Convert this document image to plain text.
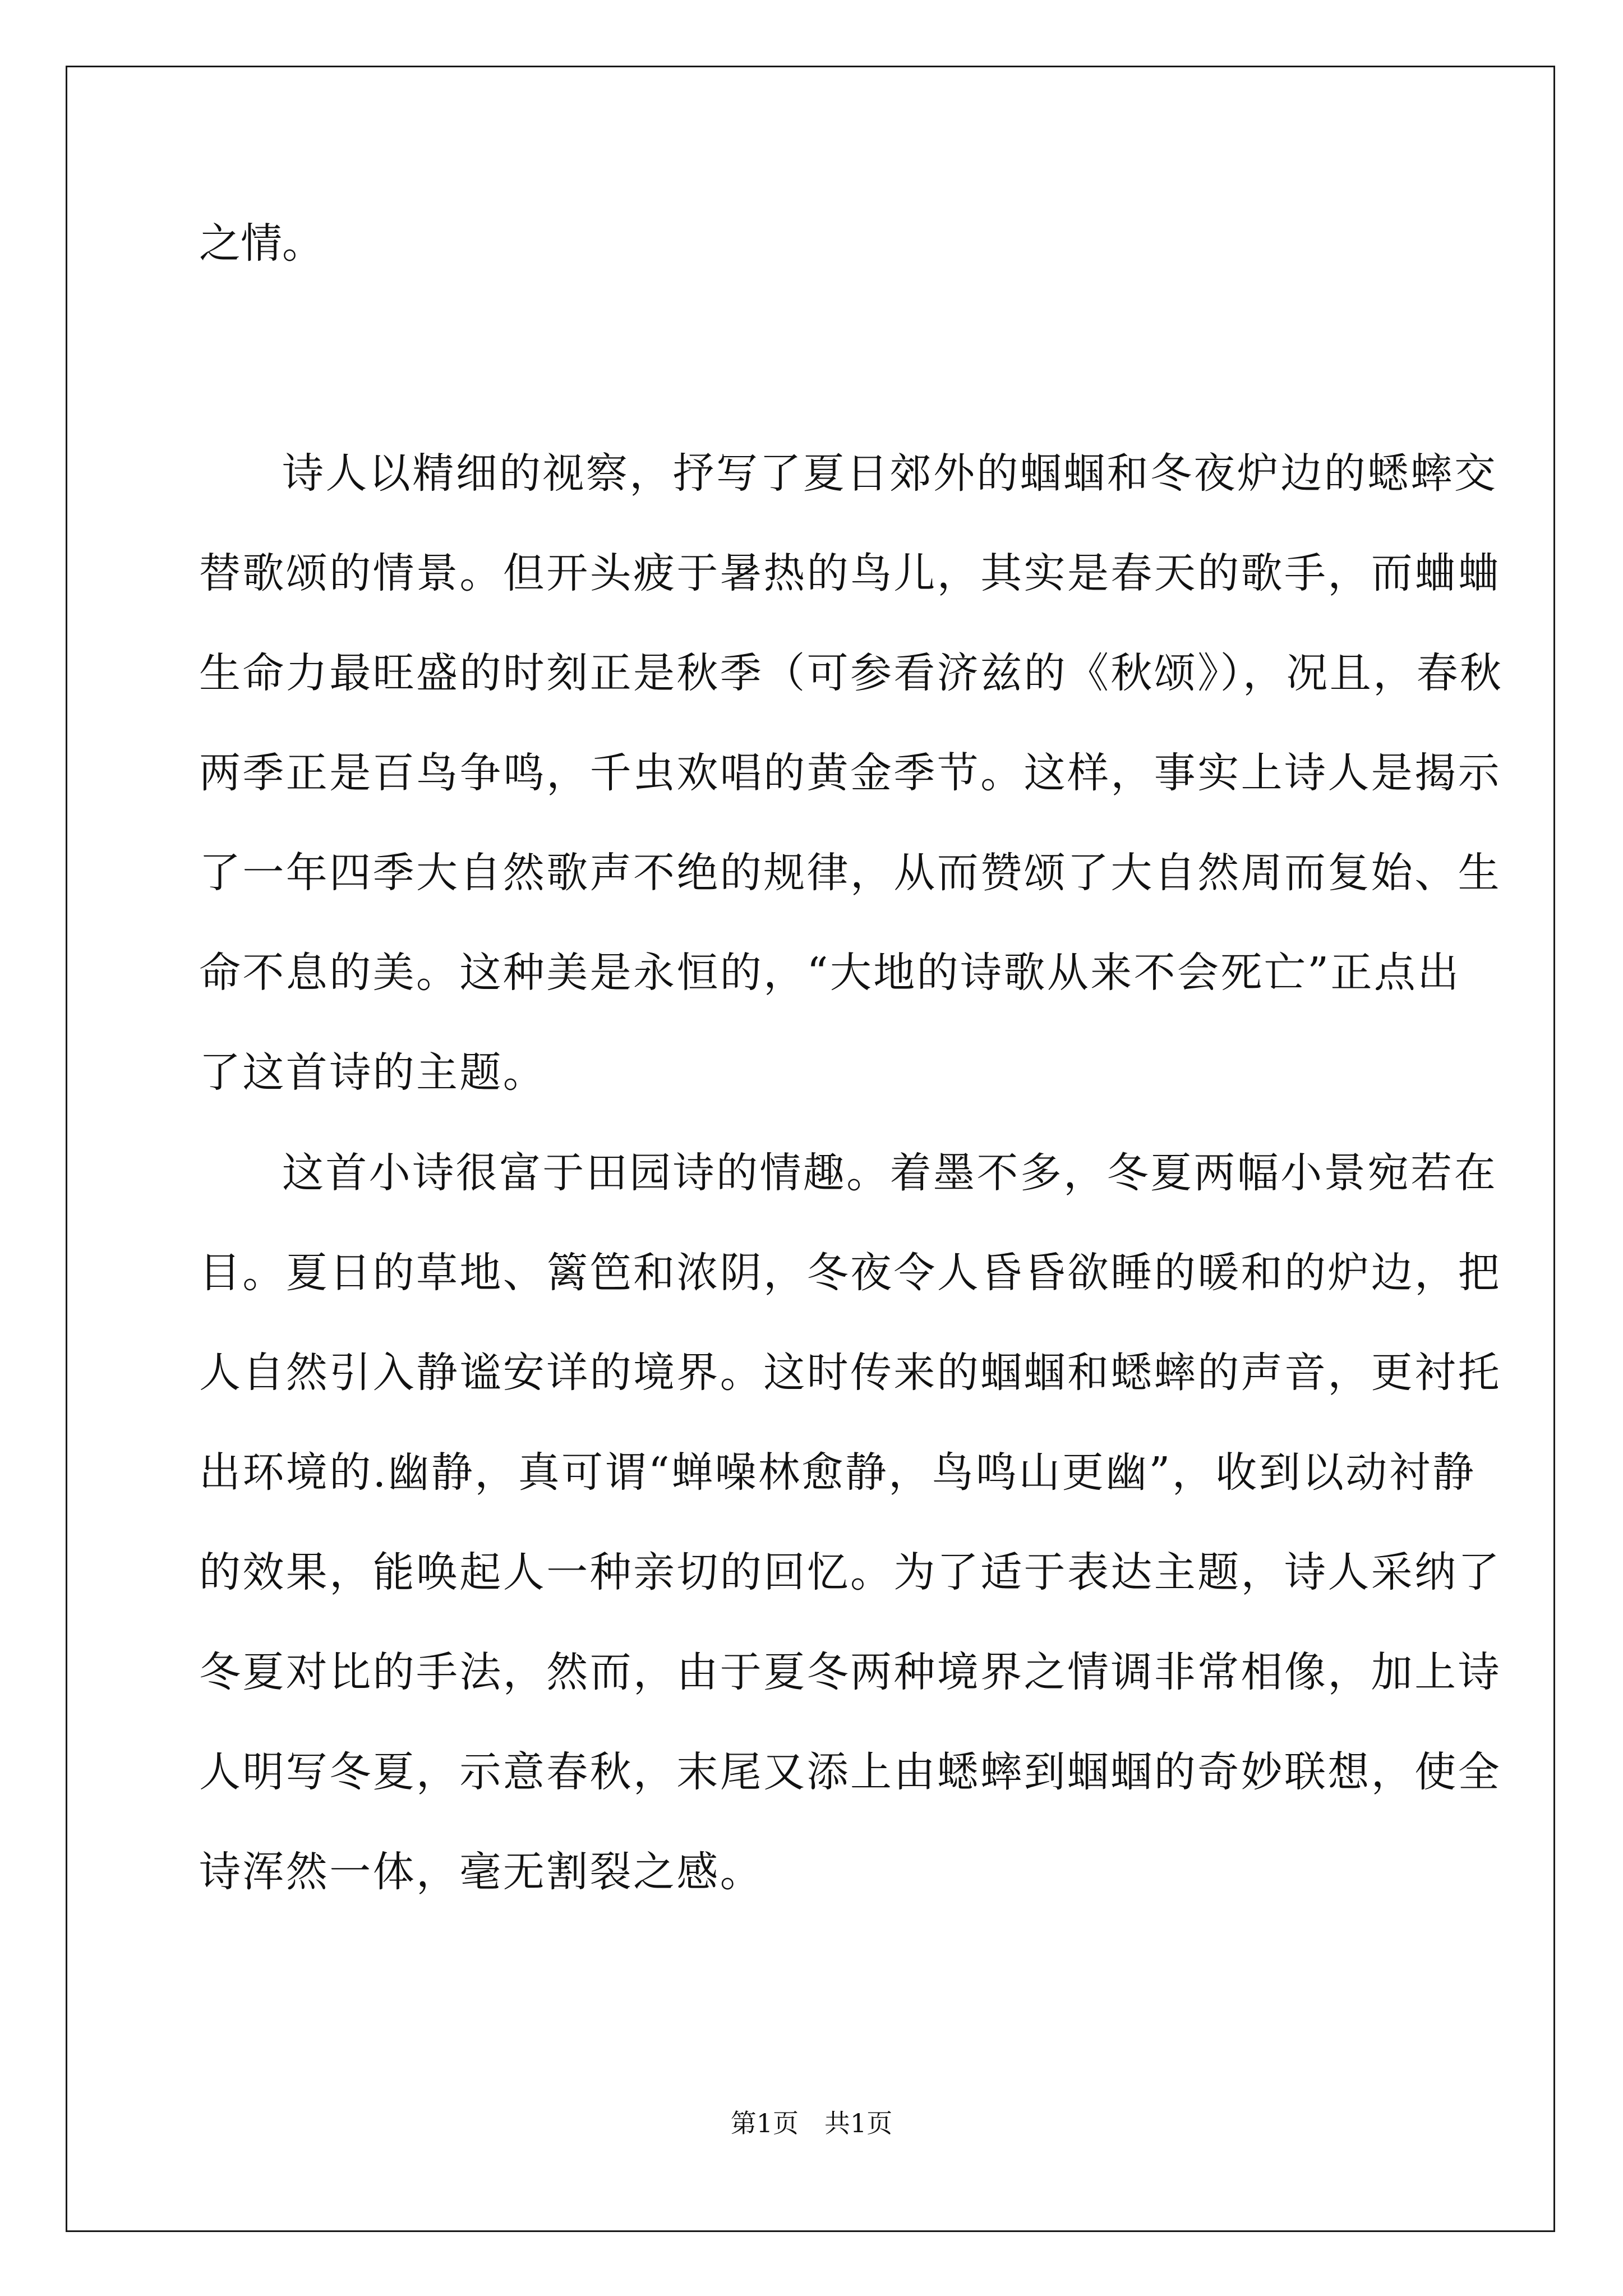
之情。
诗人以精细的视察，抒写了夏日郊外的蝈蝈和冬夜炉边的蟋蟀交
替歌颂的情景。但开头疲于暑热的鸟儿，其实是春天的歌手，而蛐蛐
生命力最旺盛的时刻正是秋季（可参看济兹的《秋颂》），况且，春秋
两季正是百鸟争鸣，千虫欢唱的黄金季节。这样，事实上诗人是揭示
了一年四季大自然歌声不绝的规律，从而赞颂了大自然周而复始、生
命不息的美。这种美是永恒的，“大地的诗歌从来不会死亡”正点出
了这首诗的主题。
这首小诗很富于田园诗的情趣。着墨不多，冬夏两幅小景宛若在
目。夏日的草地、篱笆和浓阴，冬夜令人昏昏欲睡的暖和的炉边，把
人自然引入静谧安详的境界。这时传来的蝈蝈和蟋蟀的声音，更衬托
出环境的.幽静，真可谓“蝉噪林愈静，鸟鸣山更幽”，收到以动衬静
的效果，能唤起人一种亲切的回忆。为了适于表达主题，诗人采纳了
冬夏对比的手法，然而，由于夏冬两种境界之情调非常相像，加上诗
人明写冬夏，示意春秋，末尾又添上由蟋蟀到蝈蝈的奇妙联想，使全
诗浑然一体，毫无割裂之感。
第1页　共1页
